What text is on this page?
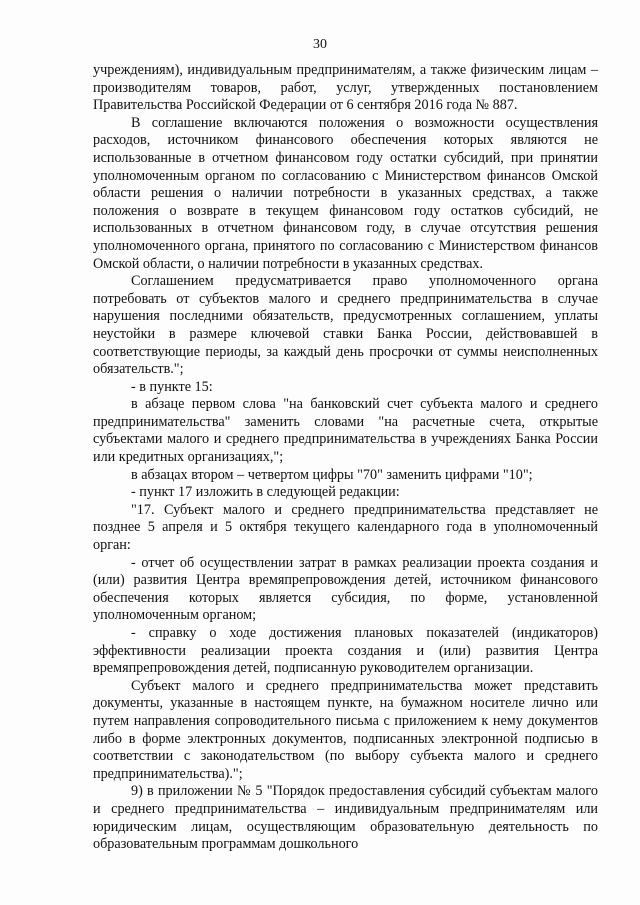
30

учреждениям), индивидуальным предпринимателям, а также физическим лицам – производителям товаров, работ, услуг, утвержденных постановлением Правительства Российской Федерации от 6 сентября 2016 года № 887.

В соглашение включаются положения о возможности осуществления расходов, источником финансового обеспечения которых являются не использованные в отчетном финансовом году остатки субсидий, при принятии уполномоченным органом по согласованию с Министерством финансов Омской области решения о наличии потребности в указанных средствах, а также положения о возврате в текущем финансовом году остатков субсидий, не использованных в отчетном финансовом году, в случае отсутствия решения уполномоченного органа, принятого по согласованию с Министерством финансов Омской области, о наличии потребности в указанных средствах.

Соглашением предусматривается право уполномоченного органа потребовать от субъектов малого и среднего предпринимательства в случае нарушения последними обязательств, предусмотренных соглашением, уплаты неустойки в размере ключевой ставки Банка России, действовавшей в соответствующие периоды, за каждый день просрочки от суммы неисполненных обязательств.";

- в пункте 15:

в абзаце первом слова "на банковский счет субъекта малого и среднего предпринимательства" заменить словами "на расчетные счета, открытые субъектами малого и среднего предпринимательства в учреждениях Банка России или кредитных организациях,";

в абзацах втором – четвертом цифры "70" заменить цифрами "10";

- пункт 17 изложить в следующей редакции:

"17. Субъект малого и среднего предпринимательства представляет не позднее 5 апреля и 5 октября текущего календарного года в уполномоченный орган:

- отчет об осуществлении затрат в рамках реализации проекта создания и (или) развития Центра времяпрепровождения детей, источником финансового обеспечения которых является субсидия, по форме, установленной уполномоченным органом;

- справку о ходе достижения плановых показателей (индикаторов) эффективности реализации проекта создания и (или) развития Центра времяпрепровождения детей, подписанную руководителем организации.

Субъект малого и среднего предпринимательства может представить документы, указанные в настоящем пункте, на бумажном носителе лично или путем направления сопроводительного письма с приложением к нему документов либо в форме электронных документов, подписанных электронной подписью в соответствии с законодательством (по выбору субъекта малого и среднего предпринимательства).";

9) в приложении № 5 "Порядок предоставления субсидий субъектам малого и среднего предпринимательства – индивидуальным предпринимателям или юридическим лицам, осуществляющим образовательную деятельность по образовательным программам дошкольного
